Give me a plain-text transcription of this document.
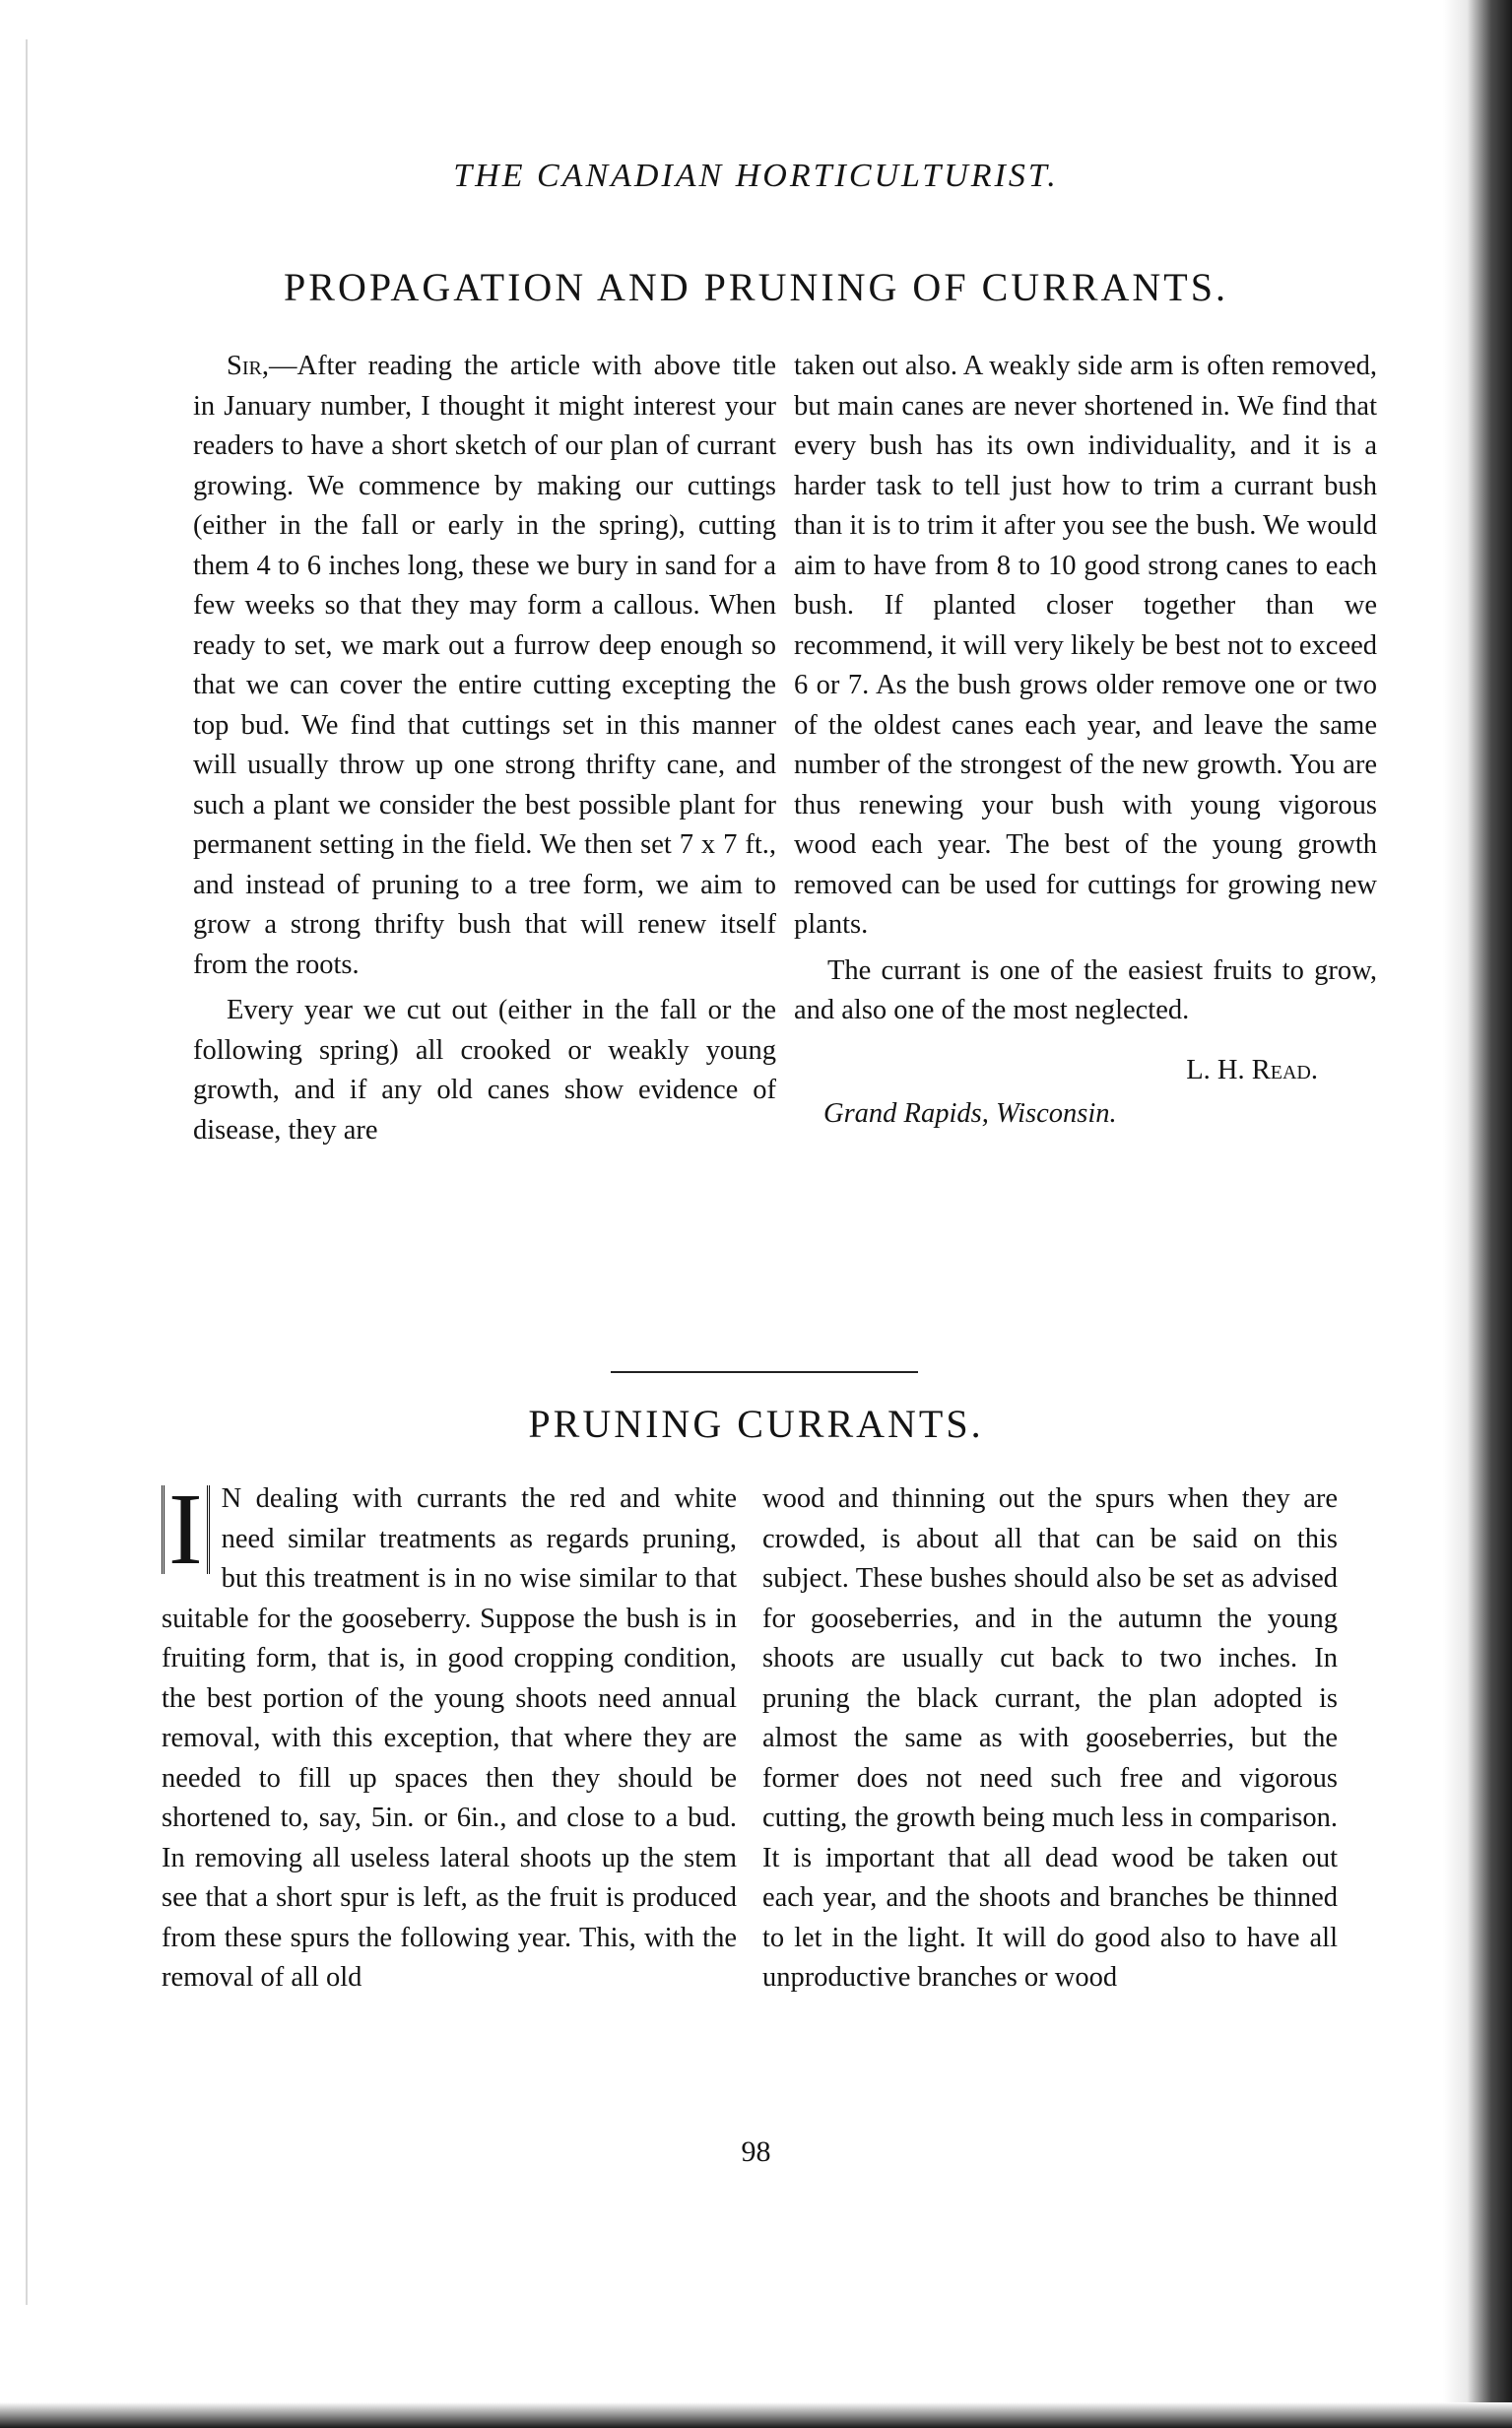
THE CANADIAN HORTICULTURIST.
PROPAGATION AND PRUNING OF CURRANTS.

Sir,—After reading the article with above title in January number, I thought it might interest your readers to have a short sketch of our plan of currant growing. We commence by making our cuttings (either in the fall or early in the spring), cutting them 4 to 6 inches long, these we bury in sand for a few weeks so that they may form a callous. When ready to set, we mark out a furrow deep enough so that we can cover the entire cutting excepting the top bud. We find that cuttings set in this manner will usually throw up one strong thrifty cane, and such a plant we consider the best possible plant for permanent setting in the field. We then set 7 x 7 ft., and instead of pruning to a tree form, we aim to grow a strong thrifty bush that will renew itself from the roots.

Every year we cut out (either in the fall or the following spring) all crooked or weakly young growth, and if any old canes show evidence of disease, they are

taken out also. A weakly side arm is often removed, but main canes are never shortened in. We find that every bush has its own individuality, and it is a harder task to tell just how to trim a currant bush than it is to trim it after you see the bush. We would aim to have from 8 to 10 good strong canes to each bush. If planted closer together than we recommend, it will very likely be best not to exceed 6 or 7. As the bush grows older remove one or two of the oldest canes each year, and leave the same number of the strongest of the new growth. You are thus renewing your bush with young vigorous wood each year. The best of the young growth removed can be used for cuttings for growing new plants.

The currant is one of the easiest fruits to grow, and also one of the most neglected.

L. H. Read.
Grand Rapids, Wisconsin.
PRUNING CURRANTS.

I N dealing with currants the red and white need similar treatments as regards pruning, but this treatment is in no wise similar to that suitable for the gooseberry. Suppose the bush is in fruiting form, that is, in good cropping condition, the best portion of the young shoots need annual removal, with this exception, that where they are needed to fill up spaces then they should be shortened to, say, 5in. or 6in., and close to a bud. In removing all useless lateral shoots up the stem see that a short spur is left, as the fruit is produced from these spurs the following year. This, with the removal of all old

wood and thinning out the spurs when they are crowded, is about all that can be said on this subject. These bushes should also be set as advised for gooseberries, and in the autumn the young shoots are usually cut back to two inches. In pruning the black currant, the plan adopted is almost the same as with gooseberries, but the former does not need such free and vigorous cutting, the growth being much less in comparison. It is important that all dead wood be taken out each year, and the shoots and branches be thinned to let in the light. It will do good also to have all unproductive branches or wood

98
